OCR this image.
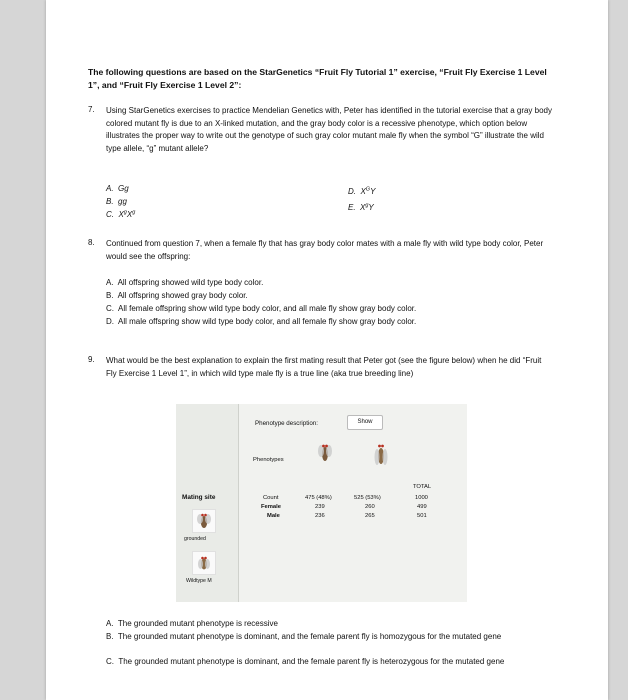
The following questions are based on the StarGenetics “Fruit Fly Tutorial 1” exercise, “Fruit Fly Exercise 1 Level 1”, and “Fruit Fly Exercise 1 Level 2”:
7. Using StarGenetics exercises to practice Mendelian Genetics with, Peter has identified in the tutorial exercise that a gray body colored mutant fly is due to an X-linked mutation, and the gray body color is a recessive phenotype, which option below illustrates the proper way to write out the genotype of such gray color mutant male fly when the symbol “G” illustrate the wild type allele, “g” mutant allele?
A. Gg
B. gg
C. $X^gX^g$
D. $X^GY$
E. $X^gY$
8. Continued from question 7, when a female fly that has gray body color mates with a male fly with wild type body color, Peter would see the offspring:
A. All offspring showed wild type body color.
B. All offspring showed gray body color.
C. All female offspring show wild type body color, and all male fly show gray body color.
D. All male offspring show wild type body color, and all female fly show gray body color.
9. What would be the best explanation to explain the first mating result that Peter got (see the figure below) when he did “Fruit Fly Exercise 1 Level 1”, in which wild type male fly is a true line (aka true breeding line)
Mating site
grounded
Wildtype M
Phenotype description:	Show
Phenotypes
TOTAL
Count
Female
Male
475 (48%)
239
236
525 (53%)
260
265
1000
499
501
A. The grounded mutant phenotype is recessive
B. The grounded mutant phenotype is dominant, and the female parent fly is homozygous for the mutated gene
C. The grounded mutant phenotype is dominant, and the female parent fly is heterozygous for the mutated gene
